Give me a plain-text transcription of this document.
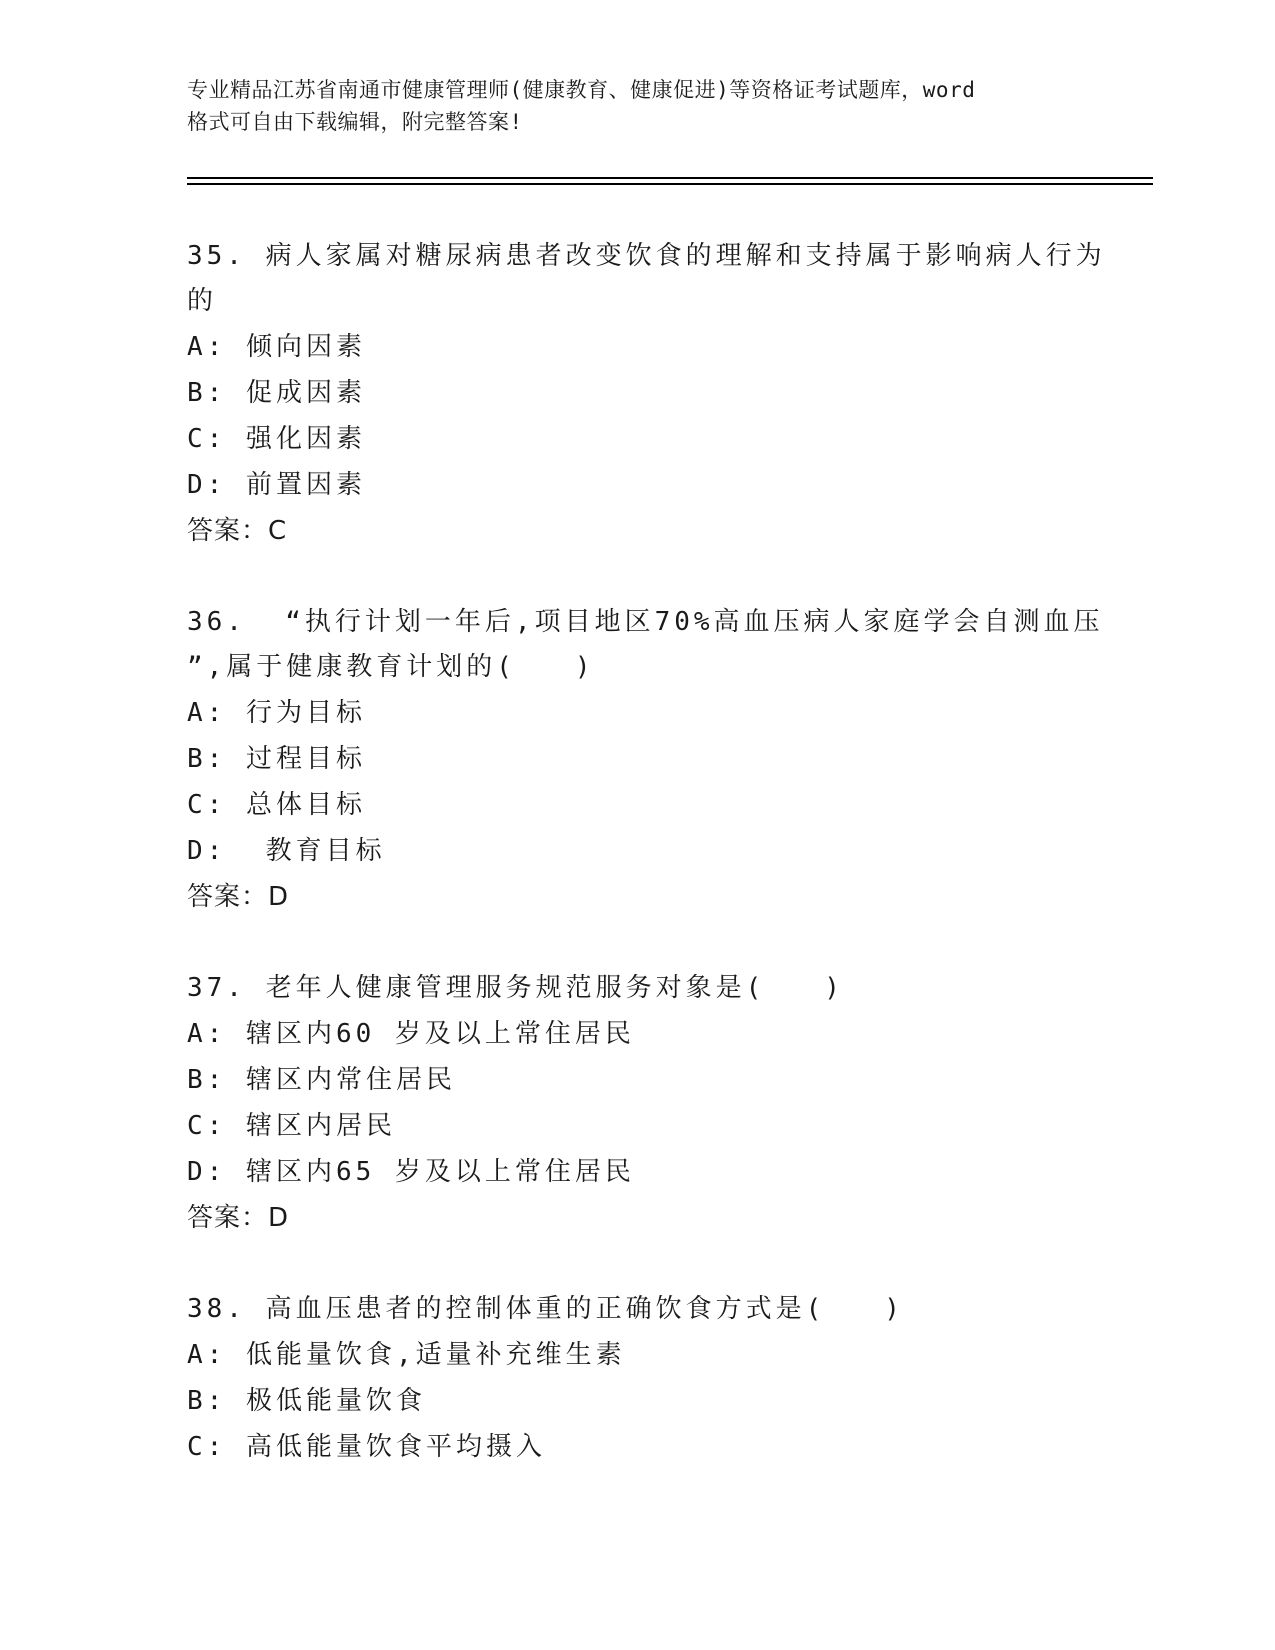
专业精品江苏省南通市健康管理师(健康教育、健康促进)等资格证考试题库，word

格式可自由下载编辑，附完整答案!

35. 病人家属对糖尿病患者改变饮食的理解和支持属于影响病人行为
的
A: 倾向因素
B: 促成因素
C: 强化因素
D: 前置因素
答案：C
36.  “执行计划一年后,项目地区70%高血压病人家庭学会自测血压
”,属于健康教育计划的(   )
A: 行为目标
B: 过程目标
C: 总体目标
D:  教育目标
答案：D
37. 老年人健康管理服务规范服务对象是(   )
A: 辖区内60 岁及以上常住居民
B: 辖区内常住居民
C: 辖区内居民
D: 辖区内65 岁及以上常住居民
答案：D
38. 高血压患者的控制体重的正确饮食方式是(   )
A: 低能量饮食,适量补充维生素
B: 极低能量饮食
C: 高低能量饮食平均摄入
